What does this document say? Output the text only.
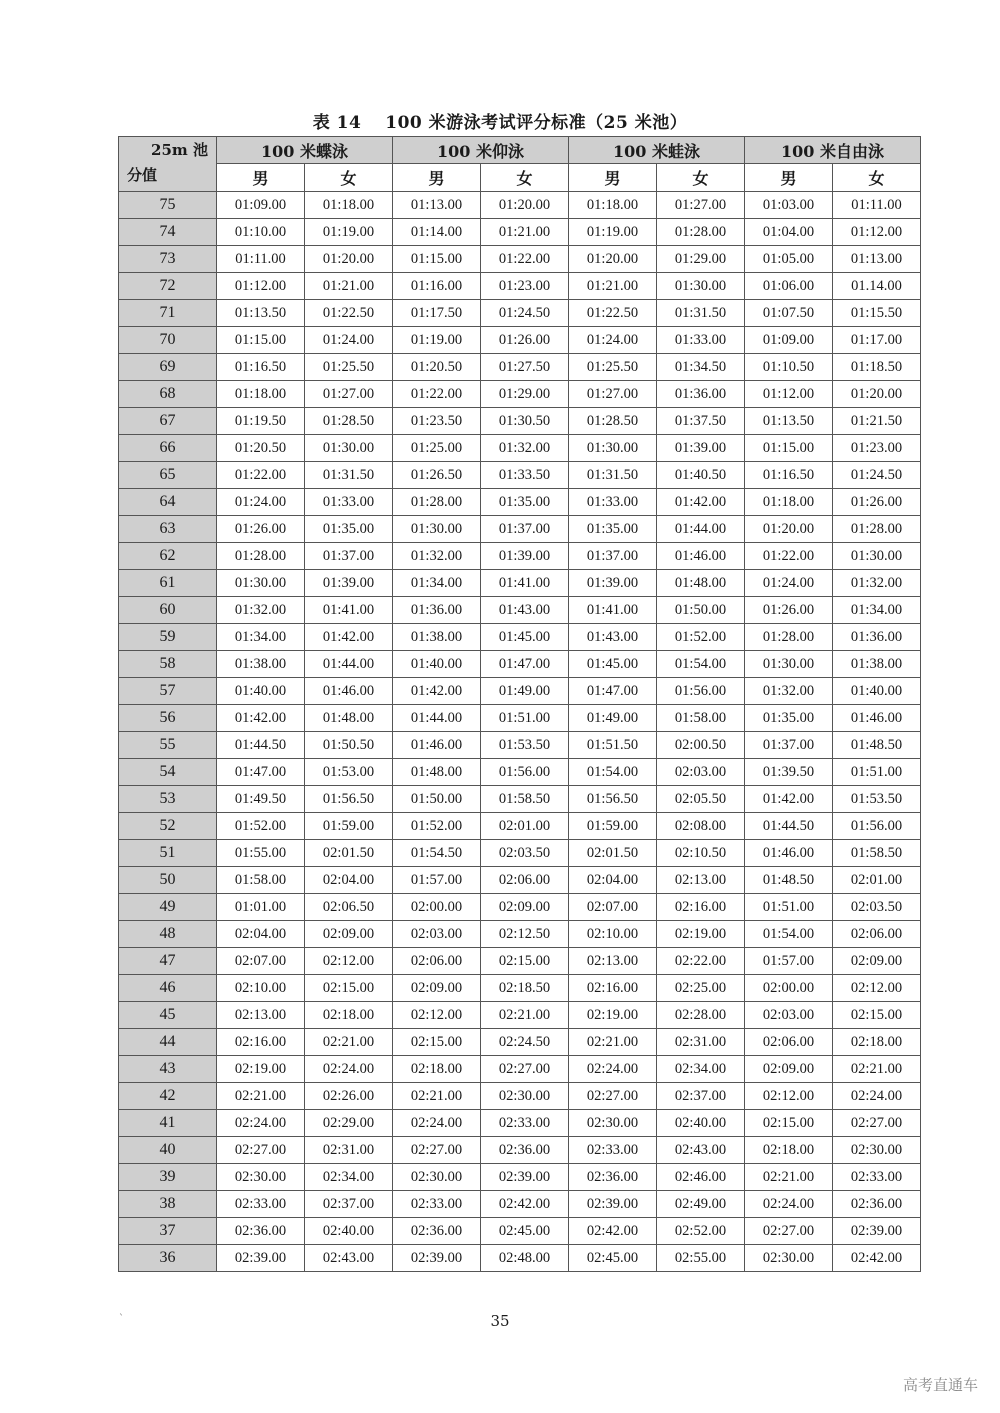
表 14　 100 米游泳考试评分标准（25 米池）
25m 池
分值	100 米蝶泳		100 米仰泳		100 米蛙泳		100 米自由泳	
	男	女	男	女	男	女	男	女
75	01:09.00	01:18.00	01:13.00	01:20.00	01:18.00	01:27.00	01:03.00	01:11.00
74	01:10.00	01:19.00	01:14.00	01:21.00	01:19.00	01:28.00	01:04.00	01:12.00
73	01:11.00	01:20.00	01:15.00	01:22.00	01:20.00	01:29.00	01:05.00	01:13.00
72	01:12.00	01:21.00	01:16.00	01:23.00	01:21.00	01:30.00	01:06.00	01.14.00
71	01:13.50	01:22.50	01:17.50	01:24.50	01:22.50	01:31.50	01:07.50	01:15.50
70	01:15.00	01:24.00	01:19.00	01:26.00	01:24.00	01:33.00	01:09.00	01:17.00
69	01:16.50	01:25.50	01:20.50	01:27.50	01:25.50	01:34.50	01:10.50	01:18.50
68	01:18.00	01:27.00	01:22.00	01:29.00	01:27.00	01:36.00	01:12.00	01:20.00
67	01:19.50	01:28.50	01:23.50	01:30.50	01:28.50	01:37.50	01:13.50	01:21.50
66	01:20.50	01:30.00	01:25.00	01:32.00	01:30.00	01:39.00	01:15.00	01:23.00
65	01:22.00	01:31.50	01:26.50	01:33.50	01:31.50	01:40.50	01:16.50	01:24.50
64	01:24.00	01:33.00	01:28.00	01:35.00	01:33.00	01:42.00	01:18.00	01:26.00
63	01:26.00	01:35.00	01:30.00	01:37.00	01:35.00	01:44.00	01:20.00	01:28.00
62	01:28.00	01:37.00	01:32.00	01:39.00	01:37.00	01:46.00	01:22.00	01:30.00
61	01:30.00	01:39.00	01:34.00	01:41.00	01:39.00	01:48.00	01:24.00	01:32.00
60	01:32.00	01:41.00	01:36.00	01:43.00	01:41.00	01:50.00	01:26.00	01:34.00
59	01:34.00	01:42.00	01:38.00	01:45.00	01:43.00	01:52.00	01:28.00	01:36.00
58	01:38.00	01:44.00	01:40.00	01:47.00	01:45.00	01:54.00	01:30.00	01:38.00
57	01:40.00	01:46.00	01:42.00	01:49.00	01:47.00	01:56.00	01:32.00	01:40.00
56	01:42.00	01:48.00	01:44.00	01:51.00	01:49.00	01:58.00	01:35.00	01:46.00
55	01:44.50	01:50.50	01:46.00	01:53.50	01:51.50	02:00.50	01:37.00	01:48.50
54	01:47.00	01:53.00	01:48.00	01:56.00	01:54.00	02:03.00	01:39.50	01:51.00
53	01:49.50	01:56.50	01:50.00	01:58.50	01:56.50	02:05.50	01:42.00	01:53.50
52	01:52.00	01:59.00	01:52.00	02:01.00	01:59.00	02:08.00	01:44.50	01:56.00
51	01:55.00	02:01.50	01:54.50	02:03.50	02:01.50	02:10.50	01:46.00	01:58.50
50	01:58.00	02:04.00	01:57.00	02:06.00	02:04.00	02:13.00	01:48.50	02:01.00
49	01:01.00	02:06.50	02:00.00	02:09.00	02:07.00	02:16.00	01:51.00	02:03.50
48	02:04.00	02:09.00	02:03.00	02:12.50	02:10.00	02:19.00	01:54.00	02:06.00
47	02:07.00	02:12.00	02:06.00	02:15.00	02:13.00	02:22.00	01:57.00	02:09.00
46	02:10.00	02:15.00	02:09.00	02:18.50	02:16.00	02:25.00	02:00.00	02:12.00
45	02:13.00	02:18.00	02:12.00	02:21.00	02:19.00	02:28.00	02:03.00	02:15.00
44	02:16.00	02:21.00	02:15.00	02:24.50	02:21.00	02:31.00	02:06.00	02:18.00
43	02:19.00	02:24.00	02:18.00	02:27.00	02:24.00	02:34.00	02:09.00	02:21.00
42	02:21.00	02:26.00	02:21.00	02:30.00	02:27.00	02:37.00	02:12.00	02:24.00
41	02:24.00	02:29.00	02:24.00	02:33.00	02:30.00	02:40.00	02:15.00	02:27.00
40	02:27.00	02:31.00	02:27.00	02:36.00	02:33.00	02:43.00	02:18.00	02:30.00
39	02:30.00	02:34.00	02:30.00	02:39.00	02:36.00	02:46.00	02:21.00	02:33.00
38	02:33.00	02:37.00	02:33.00	02:42.00	02:39.00	02:49.00	02:24.00	02:36.00
37	02:36.00	02:40.00	02:36.00	02:45.00	02:42.00	02:52.00	02:27.00	02:39.00
36	02:39.00	02:43.00	02:39.00	02:48.00	02:45.00	02:55.00	02:30.00	02:42.00
`	35
高考直通车
